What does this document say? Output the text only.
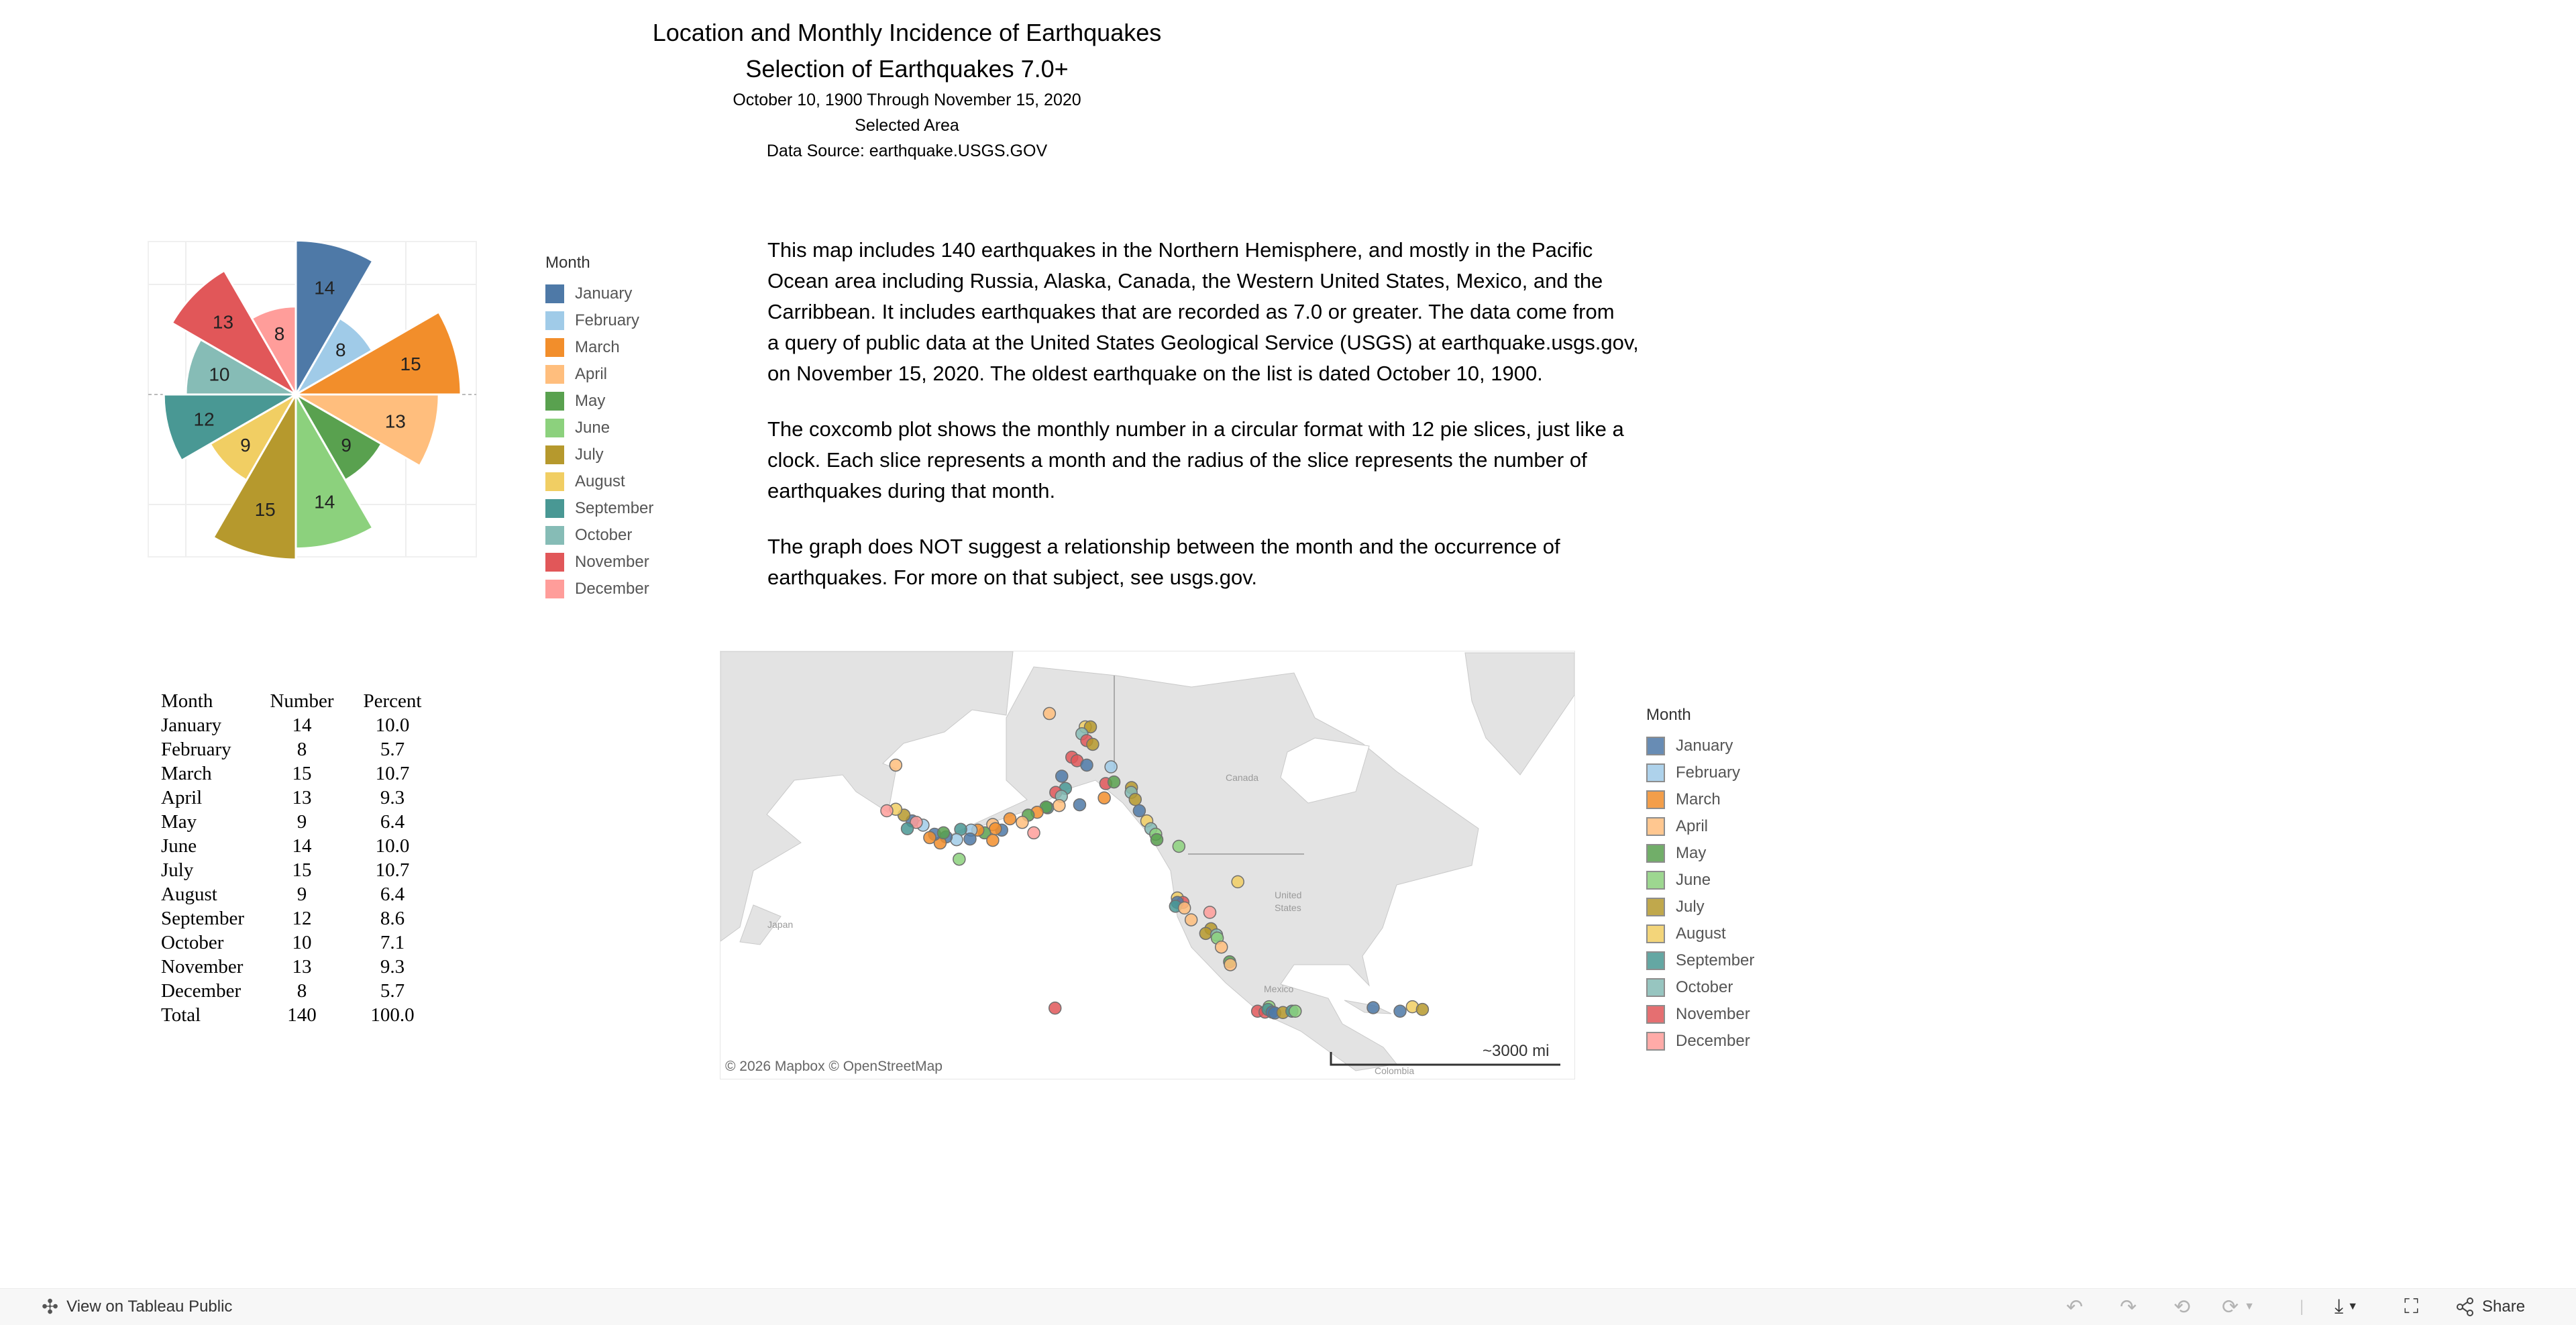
Location and Monthly Incidence of Earthquakes
Selection of Earthquakes 7.0+
October 10, 1900 Through November 15, 2020
Selected Area
Data Source: earthquake.USGS.GOV
14
8
15
13
9
14
15
9
12
10
13
8
Month
January
February
March
April
May
June
July
August
September
October
November
December
This map includes 140 earthquakes in the Northern Hemisphere, and mostly in the Pacific
Ocean area including Russia, Alaska, Canada, the Western United States, Mexico, and the
Carribbean. It includes earthquakes that are recorded as 7.0 or greater. The data come from
a query of public data at the United States Geological Service (USGS) at earthquake.usgs.gov,
on November 15, 2020. The oldest earthquake on the list is dated October 10, 1900.
The coxcomb plot shows the monthly number in a circular format with 12 pie slices, just like a
clock. Each slice represents a month and the radius of the slice represents the number of
earthquakes during that month.
The graph does NOT suggest a relationship between the month and the occurrence of
earthquakes. For more on that subject, see usgs.gov.
Month	Number	Percent
January	14	10.0
February	8	5.7
March	15	10.7
April	13	9.3
May	9	6.4
June	14	10.0
July	15	10.7
August	9	6.4
September	12	8.6
October	10	7.1
November	13	9.3
December	8	5.7
Total	140	100.0
Canada
United
States
Mexico
Japan
Colombia
© 2026 Mapbox © OpenStreetMap
~3000 mi
Month
January
February
March
April
May
June
July
August
September
October
November
December
✣ View on Tableau Public	↶ ↷ ⟲ ⟳ ▼	| ⤓ ▼ ⛶	Share
